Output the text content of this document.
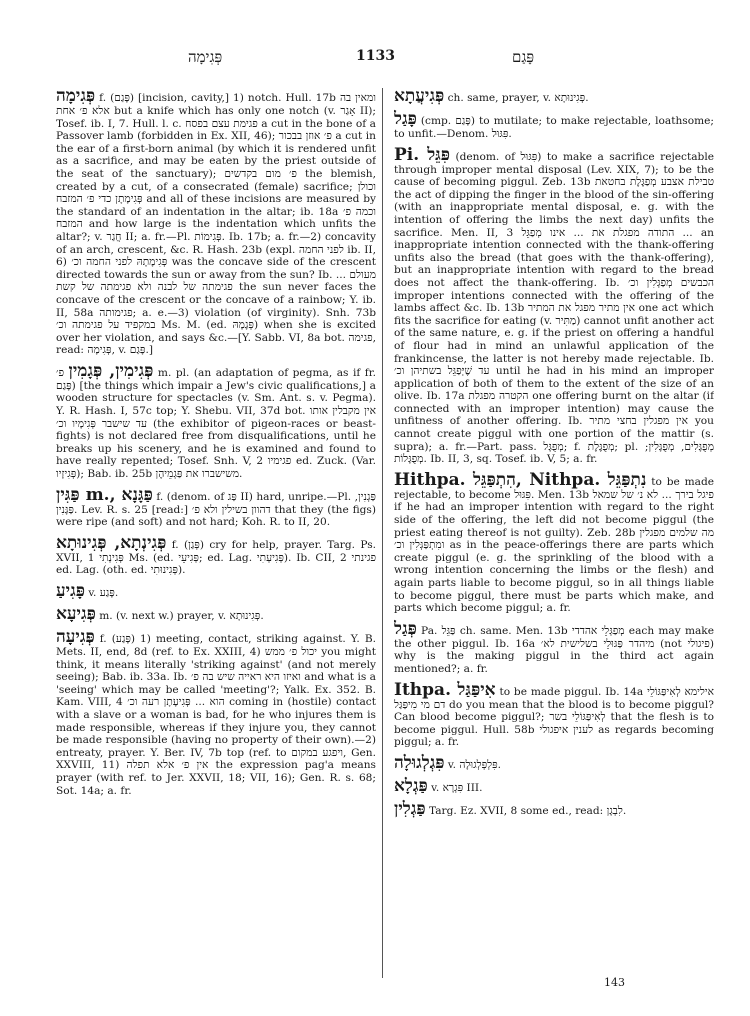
פְּגִימָה	1133	פָּגַם
פְּגִימָה f. (פָּגַם) [incision, cavity,] 1) notch. Hull. 17b ומאין בה אלא פ׳ אחת but a knife which has only one notch (v. אָגַר II); Tosef. ib. I, 7. Hull. l. c. פגימת עצם בפסח a cut in the bone of a Passover lamb (forbidden in Ex. XII, 46); פ׳ אוזן בבכור a cut in the ear of a first-born animal (by which it is rendered unfit as a sacrifice, and may be eaten by the priest outside of the seat of the sanctuary); פ׳ מום בקדשים the blemish, created by a cut, of a consecrated (female) sacrifice; וכולן פְּגִימָתָן כדי פ׳ המזבח and all of these incisions are measured by the standard of an indentation in the altar; ib. 18a וכמה פ׳ המזבח and how large is the indentation which unfits the altar?; v. חֲגַר II; a. fr.—Pl. פְּגִימוֹת. Ib. 17b; a. fr.—2) concavity of an arch, crescent, &c. R. Hash. 23b (expl. לפני החמה ib. II, 6) פְּגִימָתָהּ לפני החמה וכ׳ was the concave side of the crescent directed towards the sun or away from the sun? Ib. מעולם ... פגימתה של לבנה ולא פגימתה של קשת the sun never faces the concave of the crescent or the concave of a rainbow; Y. ib. II, 58a פגימותה; a. e.—3) violation (of virginity). Snh. 73b במקפיד על פגימתה וכ׳ Ms. M. (ed. פְּגָמָהּ) when she is excited over her violation, and says &c.—[Y. Sabb. VI, 8a bot. פגימה, read: פְּגִימָה, v. פָּגַם.]
פְּגִימִין, פְּגָמִין פ׳ m. pl. (an adaptation of pegma, as if fr. פָּגַם) [the things which impair a Jew's civic qualifications,] a wooden structure for spectacles (v. Sm. Ant. s. v. Pegma). Y. R. Hash. I, 57c top; Y. Shebu. VII, 37d bot. אין מקבלין אותו עד שישבר פְּגִימָיו וכ׳ (the exhibitor of pigeon-races or beast-fights) is not declared free from disqualifications, until he breaks up his scenery, and he is examined and found to have really repented; Tosef. Snh. V, 2 פגימיו ed. Zuck. (Var. פְּגִיזָיו); Bab. ib. 25b משישברו את פַּגְמֵיהֶן.
פַּגִּין m., פַּגָּנָא f. (denom. of פַּג II) hard, unripe.—Pl. פַּגְנִין, פַּגָּנִין. Lev. R. s. 25 [read:] דהוון בשילין ולא פ׳ that they (the figs) were ripe (and soft) and not hard; Koh. R. to II, 20.
פְּגִינְתָא, פְּגִינוּתָא f. (פְּגַן) cry for help, prayer. Targ. Ps. XVII, 1 פְּגִינְתִי Ms. (ed. פְּגִיעֵי; ed. Lag. פְּגִיעְתִי). Ib. CII, 2 פגינתי ed. Lag. (oth. ed. פְּגִינוּתִי).
פָּגִיעַ v. פָּגַע.
פְּגִיעָא m. (v. next w.) prayer, v. פְּגִינוּתָא.
פְּגִיעָה f. (פָּגַע) 1) meeting, contact, striking against. Y. B. Mets. II, end, 8d (ref. to Ex. XXIII, 4) יכול פ׳ ממש you might think, it means literally 'striking against' (and not merely seeing); Bab. ib. 33a. Ib. ואיזו היא ראייה שיש בה פ׳ and what is a 'seeing' which may be called 'meeting'?; Yalk. Ex. 352. B. Kam. VIII, 4 הוא ... פְּגִיעָתָן רעה וכ׳ coming in (hostile) contact with a slave or a woman is bad, for he who injures them is made responsible, whereas if they injure you, they cannot be made responsible (having no property of their own).—2) entreaty, prayer. Y. Ber. IV, 7b top (ref. to ויפגע במקום, Gen. XXVIII, 11) אין פ׳ אלא תפלה the expression pag'a means prayer (with ref. to Jer. XXVII, 18; VII, 16); Gen. R. s. 68; Sot. 14a; a. fr.
פְּגִיעֲתָא ch. same, prayer, v. פְּגִינוּתָא.
פָּגַל (cmp. פָּגַם) to mutilate; to make rejectable, loathsome; to unfit.—Denom. פִּגּוּל.
Pi. פִּגֵּל (denom. of פִּגּוּל) to make a sacrifice rejectable through improper mental disposal (Lev. XIX, 7); to be the cause of becoming piggul. Zeb. 13b טבילת אצבע מְפַגֶּלֶת בחטאת the act of dipping the finger in the blood of the sin-offering (with an inappropriate mental disposal, e. g. with the intention of offering the limbs the next day) unfits the sacrifice. Men. II, 3 התודה מפגלת את ... אינו מְפַגֵּל ... an inappropriate intention connected with the thank-offering unfits also the bread (that goes with the thank-offering), but an inappropriate intention with regard to the bread does not affect the thank-offering. Ib. הכבשים מְפַגְּלִין וכ׳ improper intentions connected with the offering of the lambs affect &c. Ib. 13b אין מתיר מפגל את המתיר one act which fits the sacrifice for eating (v. מַתִּיר) cannot unfit another act of the same nature, e. g. if the priest on offering a handful of flour had in mind an unlawful application of the frankincense, the latter is not hereby made rejectable. Ib. עד שֶׁיְּפַגֵּל בשתיהן וכ׳ until he had in his mind an improper application of both of them to the extent of the size of an olive. Ib. 17a הקטרה מפגלת one offering burnt on the altar (if connected with an improper intention) may cause the unfitness of another offering. Ib. אין מפגלין בחצי מתיר you cannot create piggul with one portion of the mattir (s. supra); a. fr.—Part. pass. מְפֻגָּל; f. מְפֻגֶּלֶת; pl. מְפֻגָּלִים, מְפֻגָּלִין; מְפֻגָּלוֹת. Ib. II, 3, sq. Tosef. ib. V, 5; a. fr.
Hithpa. הִתְפַּגֵּל, Nithpa. נִתְפַּגֵּל to be made rejectable, to become פִּגּוּל. Men. 13b פיגל בירך ... לא נ׳ של שמאל if he had an improper intention with regard to the right side of the offering, the left did not become piggul (the priest eating thereof is not guilty). Zeb. 28b מה שלמים מפגלין ומִתְפַּגְּלִין וכ׳ as in the peace-offerings there are parts which create piggul (e. g. the sprinkling of the blood with a wrong intention concerning the limbs or the flesh) and again parts liable to become piggul, so in all things liable to become piggul, there must be parts which make, and parts which become piggul; a. fr.
פְּגַל Pa. פַּגֵּל ch. same. Men. 13b מְפַגְּלֵי אהדדי each may make the other piggul. Ib. 16a מיהדר פַּגּוּלֵי בשלישית לא׳ (not פיגולי) why is the making piggul in the third act again mentioned?; a. fr.
Ithpa. אִיפַּגַּל to be made piggul. Ib. 14a אילימא לְאִיפַּגּוֹלֵי דם מי מִיפַּגַּל do you mean that the blood is to become piggul? Can blood become piggul?; לְאִיפַּגּוֹלֵי בשר that the flesh is to become piggul. Hull. 58b לענין איפגולי as regards becoming piggul; a. fr.
פִּגְלְגוּלָה v. פִּלְפְּלְגוּלָה.
פַּגְלָא v. פִּגְרָא III.
פַּגְלִין Targ. Ez. XVII, 8 some ed., read: לִבְגָן.
143
